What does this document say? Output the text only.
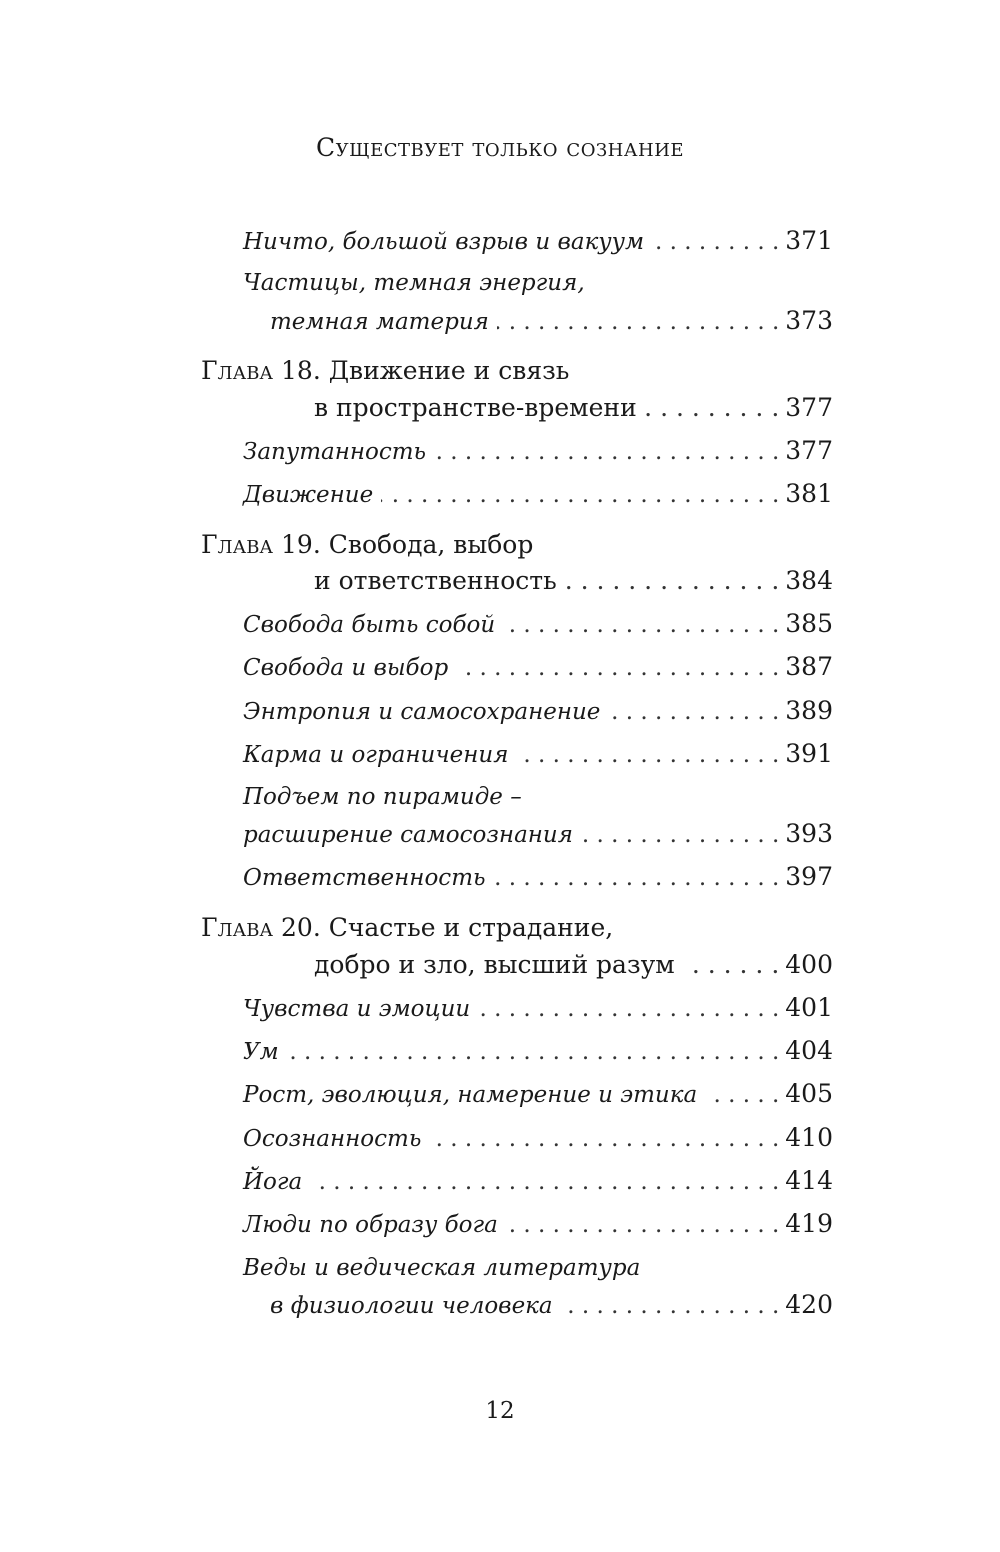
Существует только сознание
Ничто, большой взрыв и вакуум . . .	371
Частицы, темная энергия,
темная материя . . .	373
Глава 18. Движение и связь
в пространстве-времени . . .	377
Запутанность . . .	377
Движение . . .	381
Глава 19. Свобода, выбор
и ответственность . . .	384
Свобода быть собой . . .	385
Свобода и выбор . . .	387
Энтропия и самосохранение . . .	389
Карма и ограничения . . .	391
Подъем по пирамиде –
расширение самосознания . . .	393
Ответственность . . .	397
Глава 20. Счастье и страдание,
добро и зло, высший разум . . .	400
Чувства и эмоции . . .	401
Ум . . .	404
Рост, эволюция, намерение и этика . . .	405
Осознанность . . .	410
Йога . . .	414
Люди по образу бога . . .	419
Веды и ведическая литература
в физиологии человека . . .	420
12
